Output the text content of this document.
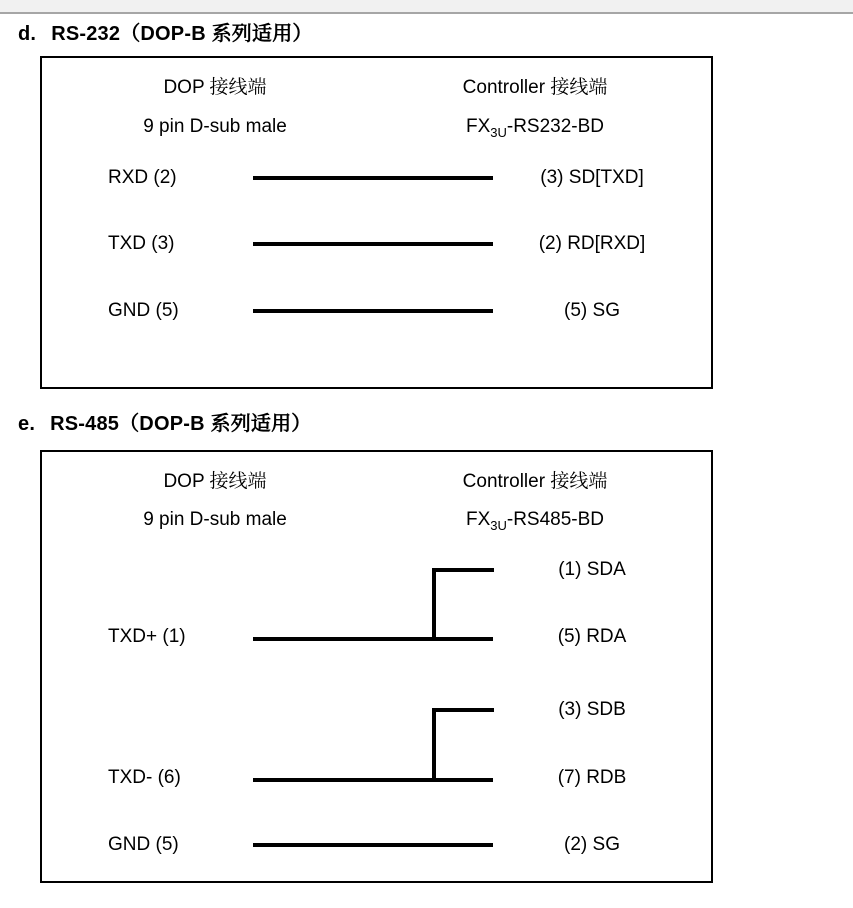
d. RS-232（DOP-B 系列适用）
DOP 接线端
9 pin D-sub male
Controller 接线端
$FX_{3U}-RS232-BD$
RXD (2)	(3) SD[TXD]
TXD (3)	(2) RD[RXD]
GND (5)	(5) SG
e. RS-485（DOP-B 系列适用）
DOP 接线端
9 pin D-sub male
Controller 接线端
$FX_{3U}-RS485-BD$
(1) SDA
TXD+ (1)	(5) RDA
(3) SDB
TXD- (6)	(7) RDB
GND (5)	(2) SG
